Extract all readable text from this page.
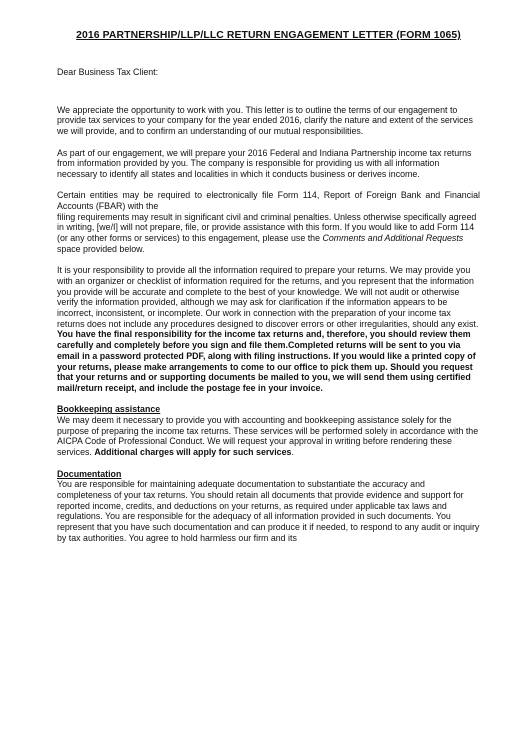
2016 PARTNERSHIP/LLP/LLC RETURN ENGAGEMENT LETTER (FORM 1065)

Dear Business Tax Client:

We appreciate the opportunity to work with you. This letter is to outline the terms of our engagement to provide tax services to your company for the year ended 2016, clarify the nature and extent of the services we will provide, and to confirm an understanding of our mutual responsibilities.

As part of our engagement, we will prepare your 2016 Federal and Indiana Partnership income tax returns from information provided by you. The company is responsible for providing us with all information necessary to identify all states and localities in which it conducts business or derives income.

Certain entities may be required to electronically file Form 114, Report of Foreign Bank and Financial Accounts (FBAR) with the
filing requirements may result in significant civil and criminal penalties. Unless otherwise specifically agreed in writing, [we/I] will not prepare, file, or provide assistance with this form. If you would like to add Form 114 (or any other forms or services) to this engagement, please use the Comments and Additional Requests space provided below.

It is your responsibility to provide all the information required to prepare your returns. We may provide you with an organizer or checklist of information required for the returns, and you represent that the information you provide will be accurate and complete to the best of your knowledge. We will not audit or otherwise verify the information provided, although we may ask for clarification if the information appears to be incorrect, inconsistent, or incomplete. Our work in connection with the preparation of your income tax returns does not include any procedures designed to discover errors or other irregularities, should any exist. You have the final responsibility for the income tax returns and, therefore, you should review them carefully and completely before you sign and file them.Completed returns will be sent to you via email in a password protected PDF, along with filing instructions. If you would like a printed copy of your returns, please make arrangements to come to our office to pick them up. Should you request that your returns and or supporting documents be mailed to you, we will send them using certified mail/return receipt, and include the postage fee in your invoice.

Bookkeeping assistance

We may deem it necessary to provide you with accounting and bookkeeping assistance solely for the purpose of preparing the income tax returns. These services will be performed solely in accordance with the AICPA Code of Professional Conduct. We will request your approval in writing before rendering these services. Additional charges will apply for such services.

Documentation

You are responsible for maintaining adequate documentation to substantiate the accuracy and completeness of your tax returns. You should retain all documents that provide evidence and support for reported income, credits, and deductions on your returns, as required under applicable tax laws and regulations. You are responsible for the adequacy of all information provided in such documents. You represent that you have such documentation and can produce it if needed, to respond to any audit or inquiry by tax authorities. You agree to hold harmless our firm and its
